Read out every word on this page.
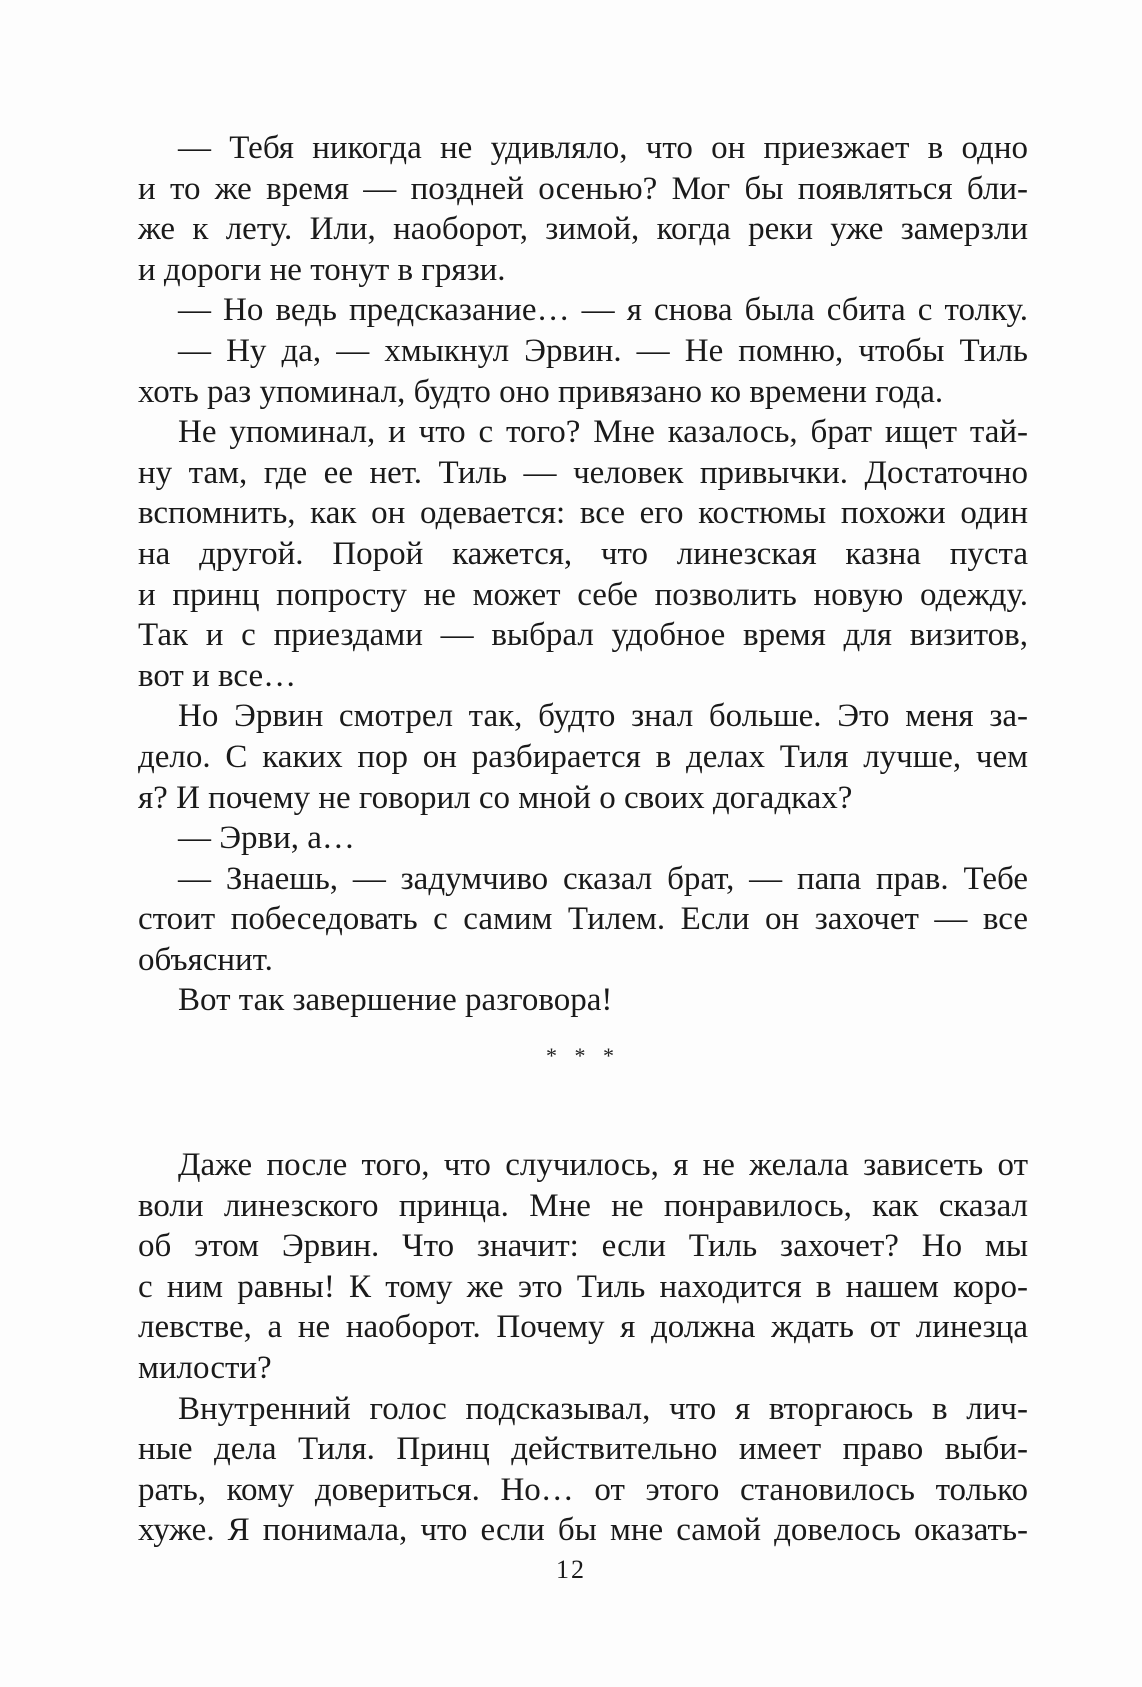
— Тебя никогда не удивляло, что он приезжает в одно
и то же время — поздней осенью? Мог бы появляться бли-
же к лету. Или, наоборот, зимой, когда реки уже замерзли
и дороги не тонут в грязи.
— Но ведь предсказание… — я снова была сбита с толку.
— Ну да, — хмыкнул Эрвин. — Не помню, чтобы Тиль
хоть раз упоминал, будто оно привязано ко времени года.
Не упоминал, и что с того? Мне казалось, брат ищет тай-
ну там, где ее нет. Тиль — человек привычки. Достаточно
вспомнить, как он одевается: все его костюмы похожи один
на другой. Порой кажется, что линезская казна пуста
и принц попросту не может себе позволить новую одежду.
Так и с приездами — выбрал удобное время для визитов,
вот и все…
Но Эрвин смотрел так, будто знал больше. Это меня за-
дело. С каких пор он разбирается в делах Тиля лучше, чем
я? И почему не говорил со мной о своих догадках?
— Эрви, а…
— Знаешь, — задумчиво сказал брат, — папа прав. Тебе
стоит побеседовать с самим Тилем. Если он захочет — все
объяснит.
Вот так завершение разговора!
* * *
Даже после того, что случилось, я не желала зависеть от
воли линезского принца. Мне не понравилось, как сказал
об этом Эрвин. Что значит: если Тиль захочет? Но мы
с ним равны! К тому же это Тиль находится в нашем коро-
левстве, а не наоборот. Почему я должна ждать от линезца
милости?
Внутренний голос подсказывал, что я вторгаюсь в лич-
ные дела Тиля. Принц действительно имеет право выби-
рать, кому довериться. Но… от этого становилось только
хуже. Я понимала, что если бы мне самой довелось оказать-
12
